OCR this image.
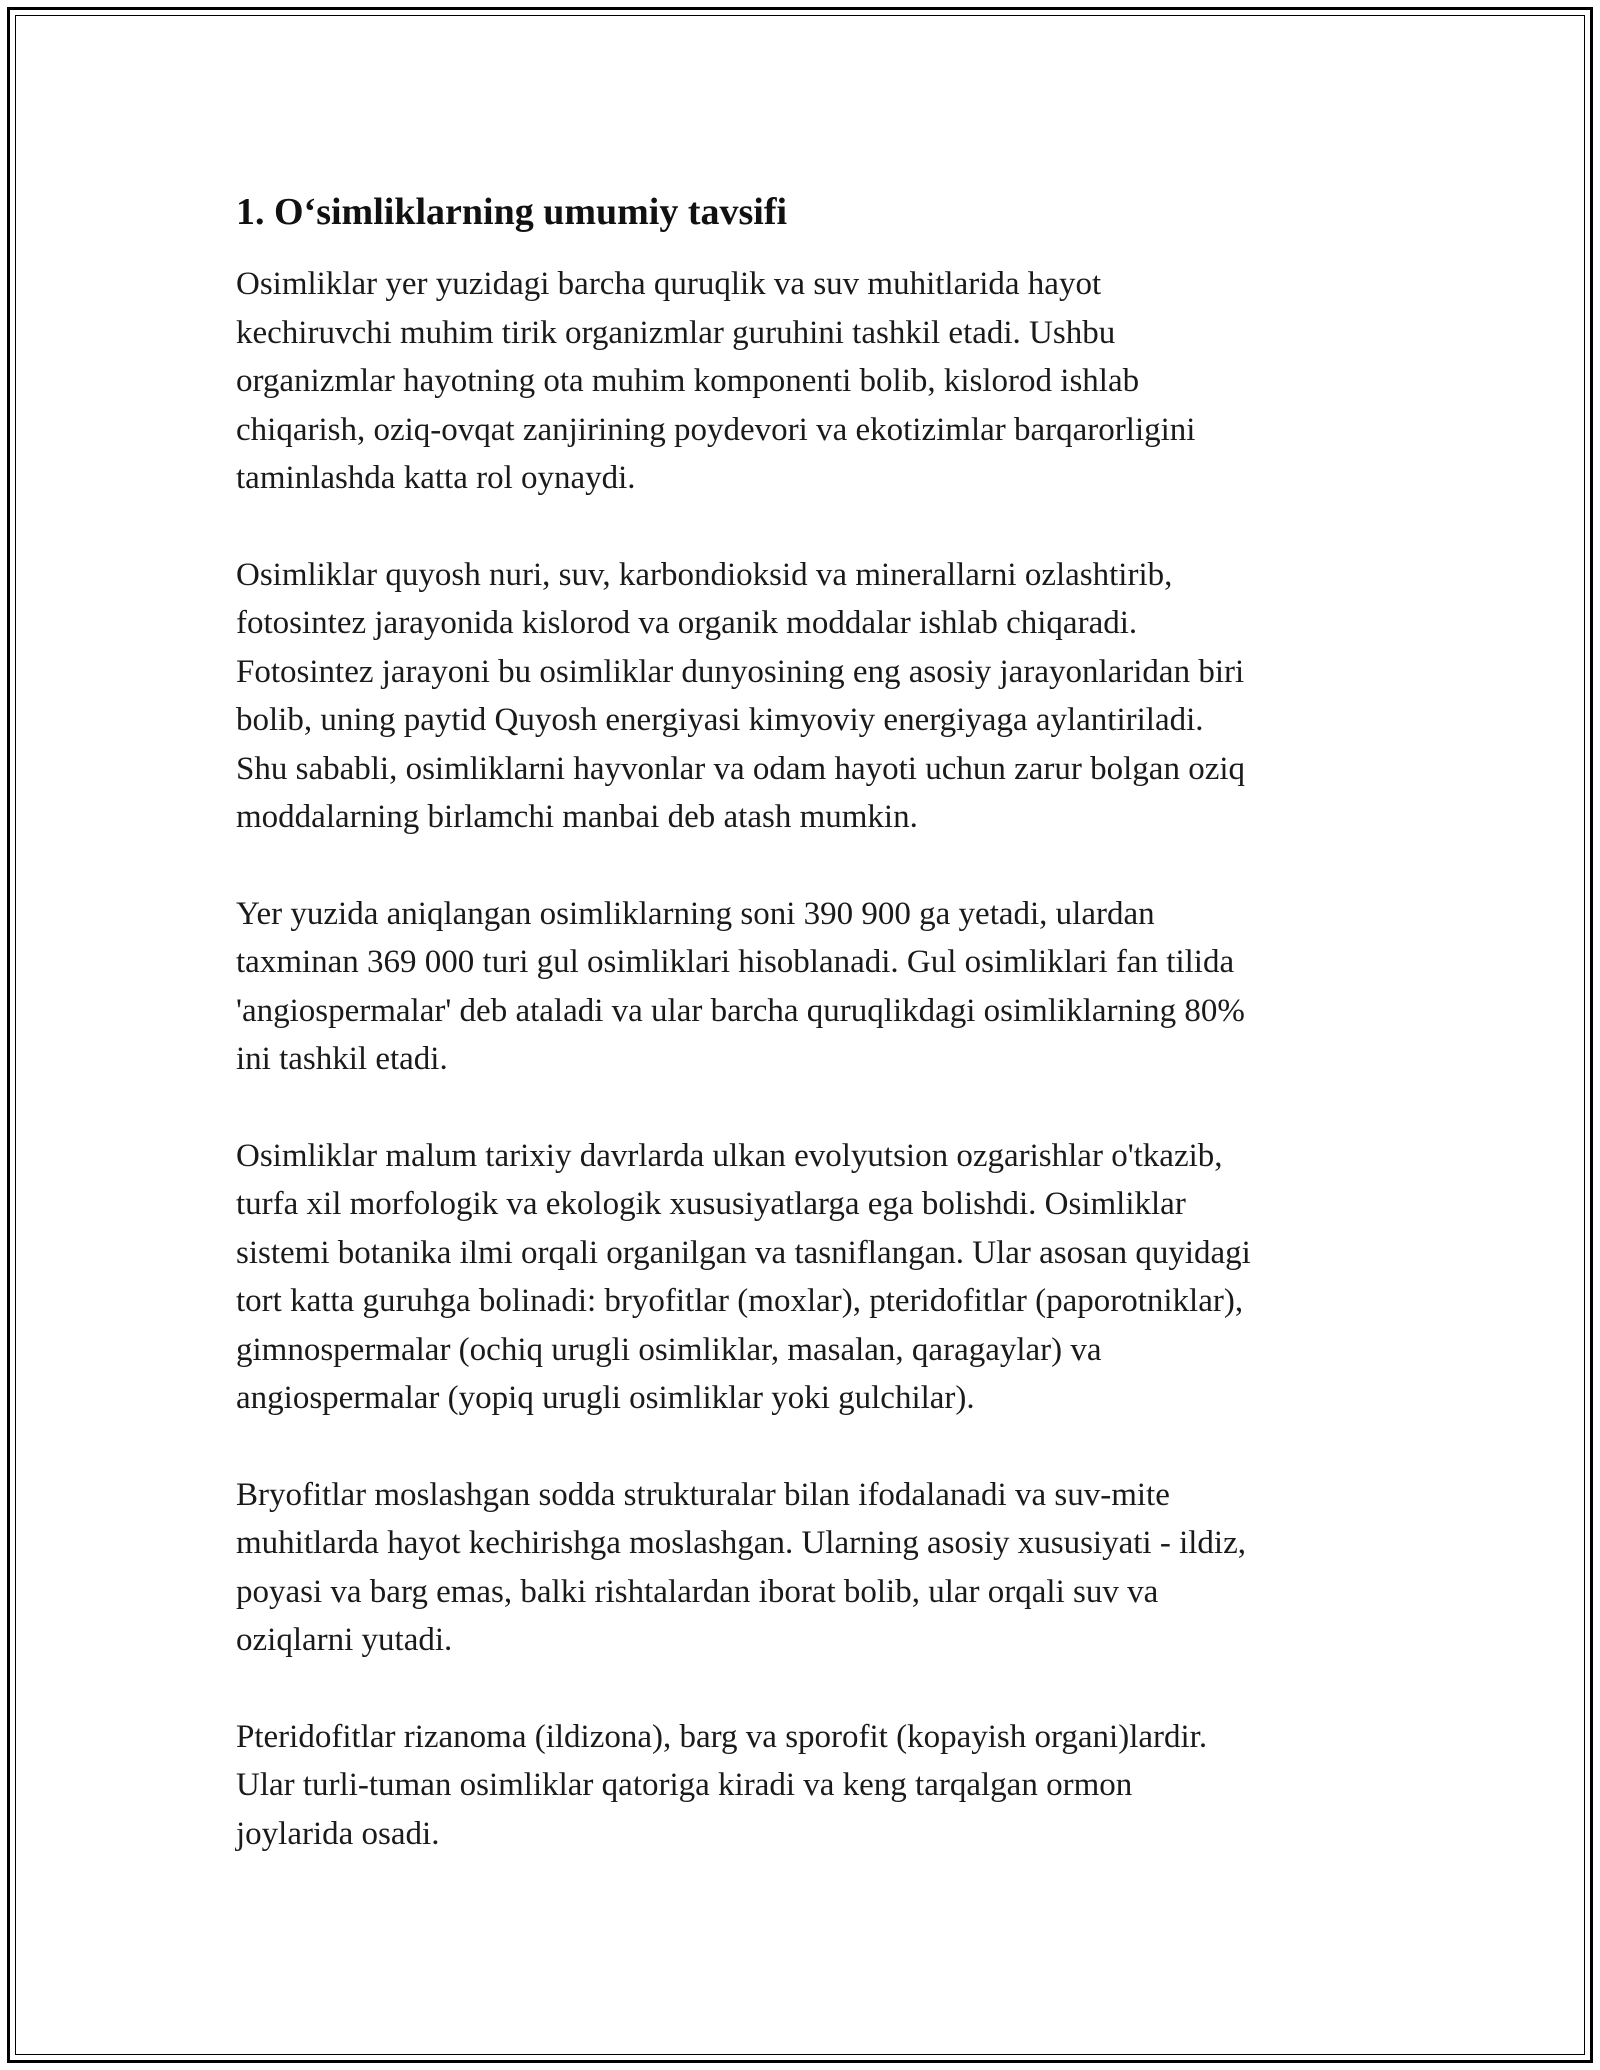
1. O‘simliklarning umumiy tavsifi

Osimliklar yer yuzidagi barcha quruqlik va suv muhitlarida hayot
kechiruvchi muhim tirik organizmlar guruhini tashkil etadi. Ushbu
organizmlar hayotning ota muhim komponenti bolib, kislorod ishlab
chiqarish, oziq-ovqat zanjirining poydevori va ekotizimlar barqarorligini
taminlashda katta rol oynaydi.

Osimliklar quyosh nuri, suv, karbondioksid va minerallarni ozlashtirib,
fotosintez jarayonida kislorod va organik moddalar ishlab chiqaradi.
Fotosintez jarayoni bu osimliklar dunyosining eng asosiy jarayonlaridan biri
bolib, uning paytid Quyosh energiyasi kimyoviy energiyaga aylantiriladi.
Shu sababli, osimliklarni hayvonlar va odam hayoti uchun zarur bolgan oziq
moddalarning birlamchi manbai deb atash mumkin.

Yer yuzida aniqlangan osimliklarning soni 390 900 ga yetadi, ulardan
taxminan 369 000 turi gul osimliklari hisoblanadi. Gul osimliklari fan tilida
'angiospermalar' deb ataladi va ular barcha quruqlikdagi osimliklarning 80%
ini tashkil etadi.

Osimliklar malum tarixiy davrlarda ulkan evolyutsion ozgarishlar o'tkazib,
turfa xil morfologik va ekologik xususiyatlarga ega bolishdi. Osimliklar
sistemi botanika ilmi orqali organilgan va tasniflangan. Ular asosan quyidagi
tort katta guruhga bolinadi: bryofitlar (moxlar), pteridofitlar (paporotniklar),
gimnospermalar (ochiq urugli osimliklar, masalan, qaragaylar) va
angiospermalar (yopiq urugli osimliklar yoki gulchilar).

Bryofitlar moslashgan sodda strukturalar bilan ifodalanadi va suv-mite
muhitlarda hayot kechirishga moslashgan. Ularning asosiy xususiyati - ildiz,
poyasi va barg emas, balki rishtalardan iborat bolib, ular orqali suv va
oziqlarni yutadi.

Pteridofitlar rizanoma (ildizona), barg va sporofit (kopayish organi)lardir.
Ular turli-tuman osimliklar qatoriga kiradi va keng tarqalgan ormon
joylarida osadi.
